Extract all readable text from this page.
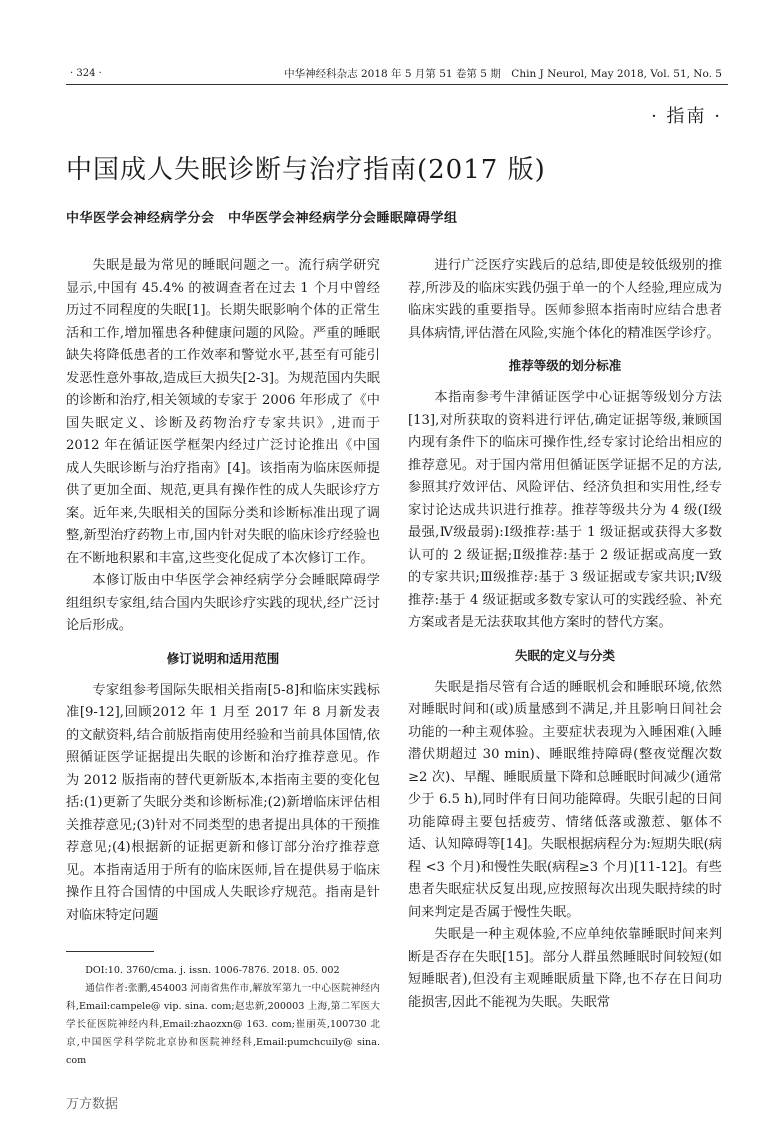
· 324 ·	中华神经科杂志 2018 年 5 月第 51 卷第 5 期　Chin J Neurol, May 2018, Vol. 51, No. 5
· 指南 ·
中国成人失眠诊断与治疗指南(2017 版)
中华医学会神经病学分会　中华医学会神经病学分会睡眠障碍学组

失眠是最为常见的睡眠问题之一。流行病学研究显示,中国有 45.4% 的被调查者在过去 1 个月中曾经历过不同程度的失眠[1]。长期失眠影响个体的正常生活和工作,增加罹患各种健康问题的风险。严重的睡眠缺失将降低患者的工作效率和警觉水平,甚至有可能引发恶性意外事故,造成巨大损失[2-3]。为规范国内失眠的诊断和治疗,相关领域的专家于 2006 年形成了《中国失眠定义、诊断及药物治疗专家共识》,进而于 2012 年在循证医学框架内经过广泛讨论推出《中国成人失眠诊断与治疗指南》[4]。该指南为临床医师提供了更加全面、规范,更具有操作性的成人失眠诊疗方案。近年来,失眠相关的国际分类和诊断标准出现了调整,新型治疗药物上市,国内针对失眠的临床诊疗经验也在不断地积累和丰富,这些变化促成了本次修订工作。

本修订版由中华医学会神经病学分会睡眠障碍学组组织专家组,结合国内失眠诊疗实践的现状,经广泛讨论后形成。

修订说明和适用范围

专家组参考国际失眠相关指南[5-8]和临床实践标准[9-12],回顾2012 年 1 月至 2017 年 8 月新发表的文献资料,结合前版指南使用经验和当前具体国情,依照循证医学证据提出失眠的诊断和治疗推荐意见。作为 2012 版指南的替代更新版本,本指南主要的变化包括:(1)更新了失眠分类和诊断标准;(2)新增临床评估相关推荐意见;(3)针对不同类型的患者提出具体的干预推荐意见;(4)根据新的证据更新和修订部分治疗推荐意见。本指南适用于所有的临床医师,旨在提供易于临床操作且符合国情的中国成人失眠诊疗规范。指南是针对临床特定问题

DOI:10. 3760/cma. j. issn. 1006-7876. 2018. 05. 002

通信作者:张鹏,454003 河南省焦作市,解放军第九一中心医院神经内科,Email:campele@ vip. sina. com;赵忠新,200003 上海,第二军医大学长征医院神经内科,Email:zhaozxn@ 163. com;崔丽英,100730 北京,中国医学科学院北京协和医院神经科,Email:pumchcuily@ sina. com

进行广泛医疗实践后的总结,即使是较低级别的推荐,所涉及的临床实践仍强于单一的个人经验,理应成为临床实践的重要指导。医师参照本指南时应结合患者具体病情,评估潜在风险,实施个体化的精准医学诊疗。

推荐等级的划分标准

本指南参考牛津循证医学中心证据等级划分方法[13],对所获取的资料进行评估,确定证据等级,兼顾国内现有条件下的临床可操作性,经专家讨论给出相应的推荐意见。对于国内常用但循证医学证据不足的方法,参照其疗效评估、风险评估、经济负担和实用性,经专家讨论达成共识进行推荐。推荐等级共分为 4 级(Ⅰ级最强,Ⅳ级最弱):Ⅰ级推荐:基于 1 级证据或获得大多数认可的 2 级证据;Ⅱ级推荐:基于 2 级证据或高度一致的专家共识;Ⅲ级推荐:基于 3 级证据或专家共识;Ⅳ级推荐:基于 4 级证据或多数专家认可的实践经验、补充方案或者是无法获取其他方案时的替代方案。

失眠的定义与分类

失眠是指尽管有合适的睡眠机会和睡眠环境,依然对睡眠时间和(或)质量感到不满足,并且影响日间社会功能的一种主观体验。主要症状表现为入睡困难(入睡潜伏期超过 30 min)、睡眠维持障碍(整夜觉醒次数≥2 次)、早醒、睡眠质量下降和总睡眠时间减少(通常少于 6.5 h),同时伴有日间功能障碍。失眠引起的日间功能障碍主要包括疲劳、情绪低落或激惹、躯体不适、认知障碍等[14]。失眠根据病程分为:短期失眠(病程 <3 个月)和慢性失眠(病程≥3 个月)[11-12]。有些患者失眠症状反复出现,应按照每次出现失眠持续的时间来判定是否属于慢性失眠。

失眠是一种主观体验,不应单纯依靠睡眠时间来判断是否存在失眠[15]。部分人群虽然睡眠时间较短(如短睡眠者),但没有主观睡眠质量下降,也不存在日间功能损害,因此不能视为失眠。失眠常

万方数据
